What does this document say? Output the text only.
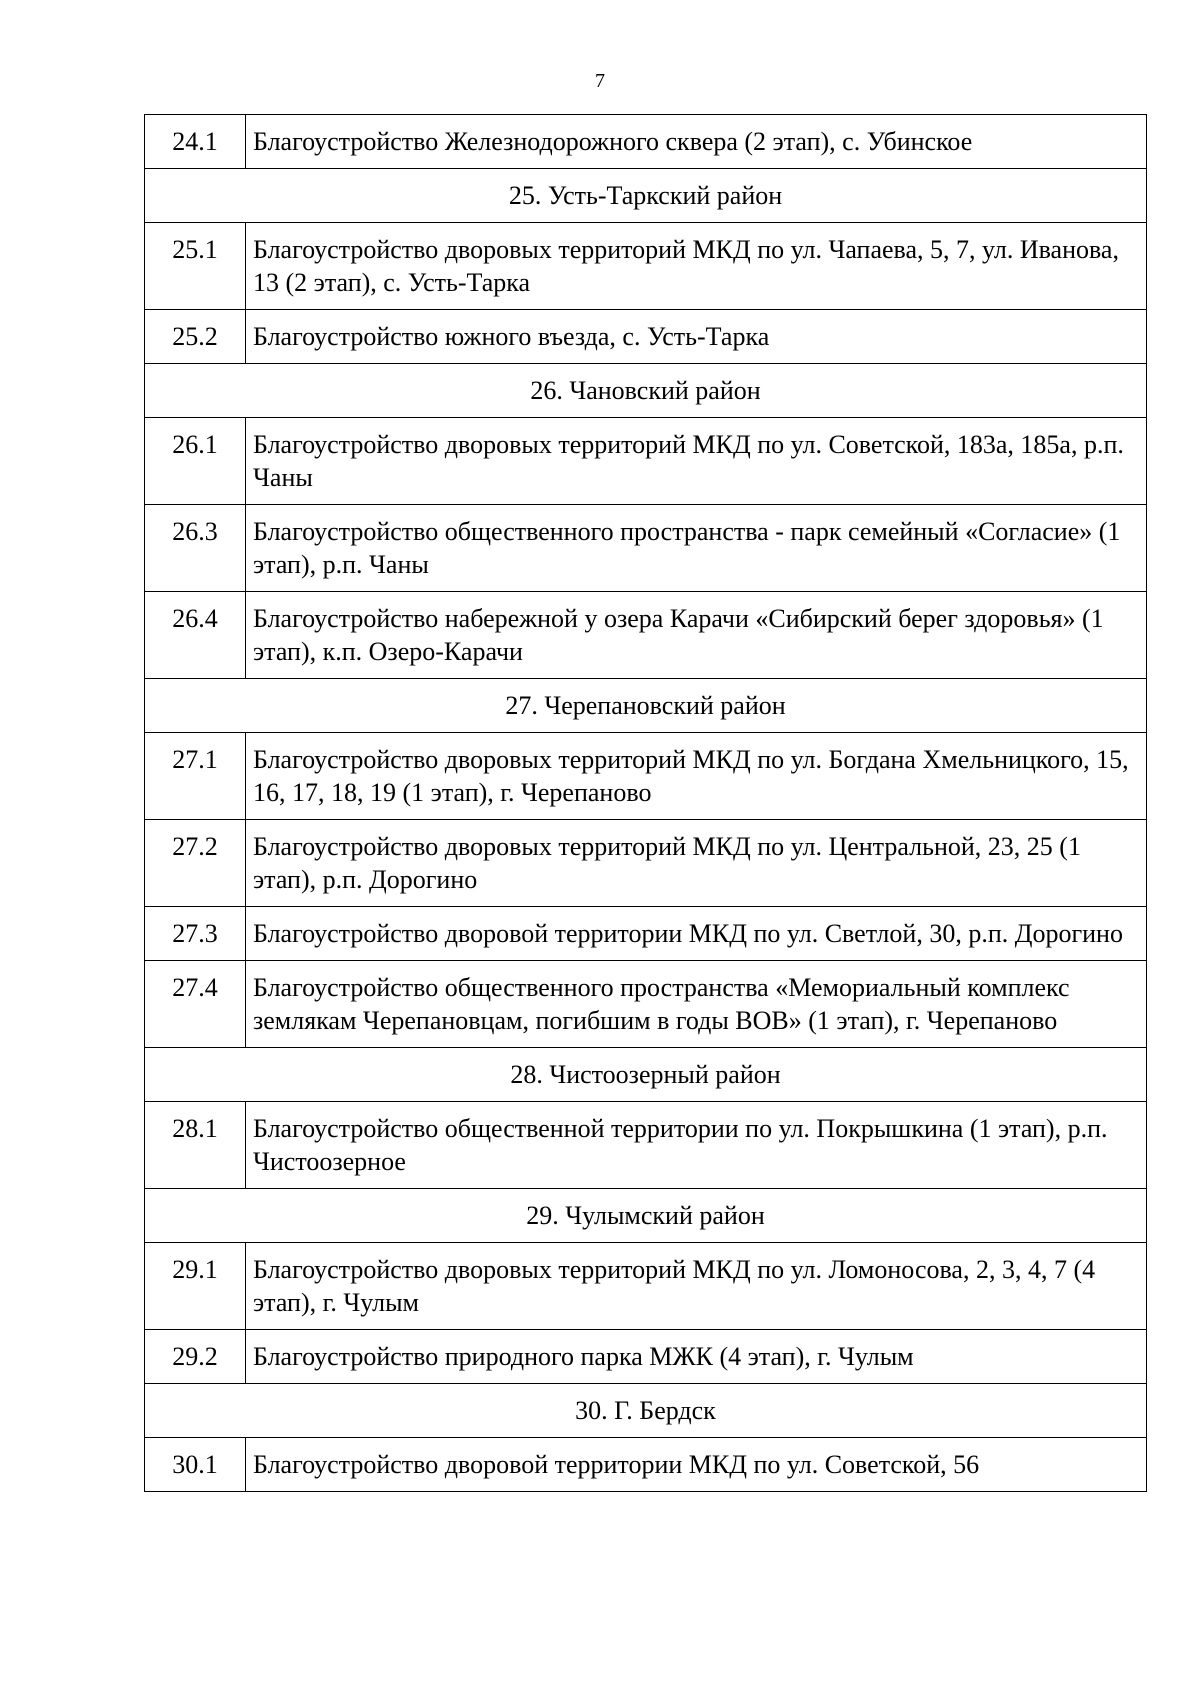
7
24.1	Благоустройство Железнодорожного сквера (2 этап), с. Убинское
25. Усть-Таркский район	
25.1	Благоустройство дворовых территорий МКД по ул. Чапаева, 5, 7, ул. Иванова, 13 (2 этап), с. Усть-Тарка
25.2	Благоустройство южного въезда, с. Усть-Тарка
26. Чановский район	
26.1	Благоустройство дворовых территорий МКД по ул. Советской, 183а, 185а, р.п. Чаны
26.3	Благоустройство общественного пространства - парк семейный «Согласие» (1 этап), р.п. Чаны
26.4	Благоустройство набережной у озера Карачи «Сибирский берег здоровья» (1 этап), к.п. Озеро-Карачи
27. Черепановский район	
27.1	Благоустройство дворовых территорий МКД по ул. Богдана Хмельницкого, 15, 16, 17, 18, 19 (1 этап), г. Черепаново
27.2	Благоустройство дворовых территорий МКД по ул. Центральной, 23, 25 (1 этап), р.п. Дорогино
27.3	Благоустройство дворовой территории МКД по ул. Светлой, 30, р.п. Дорогино
27.4	Благоустройство общественного пространства «Мемориальный комплекс землякам Черепановцам, погибшим в годы ВОВ» (1 этап), г. Черепаново
28. Чистоозерный район	
28.1	Благоустройство общественной территории по ул. Покрышкина (1 этап), р.п. Чистоозерное
29. Чулымский район	
29.1	Благоустройство дворовых территорий МКД по ул. Ломоносова, 2, 3, 4, 7 (4 этап), г. Чулым
29.2	Благоустройство природного парка МЖК (4 этап), г. Чулым
30. Г. Бердск	
30.1	Благоустройство дворовой территории МКД по ул. Советской, 56
